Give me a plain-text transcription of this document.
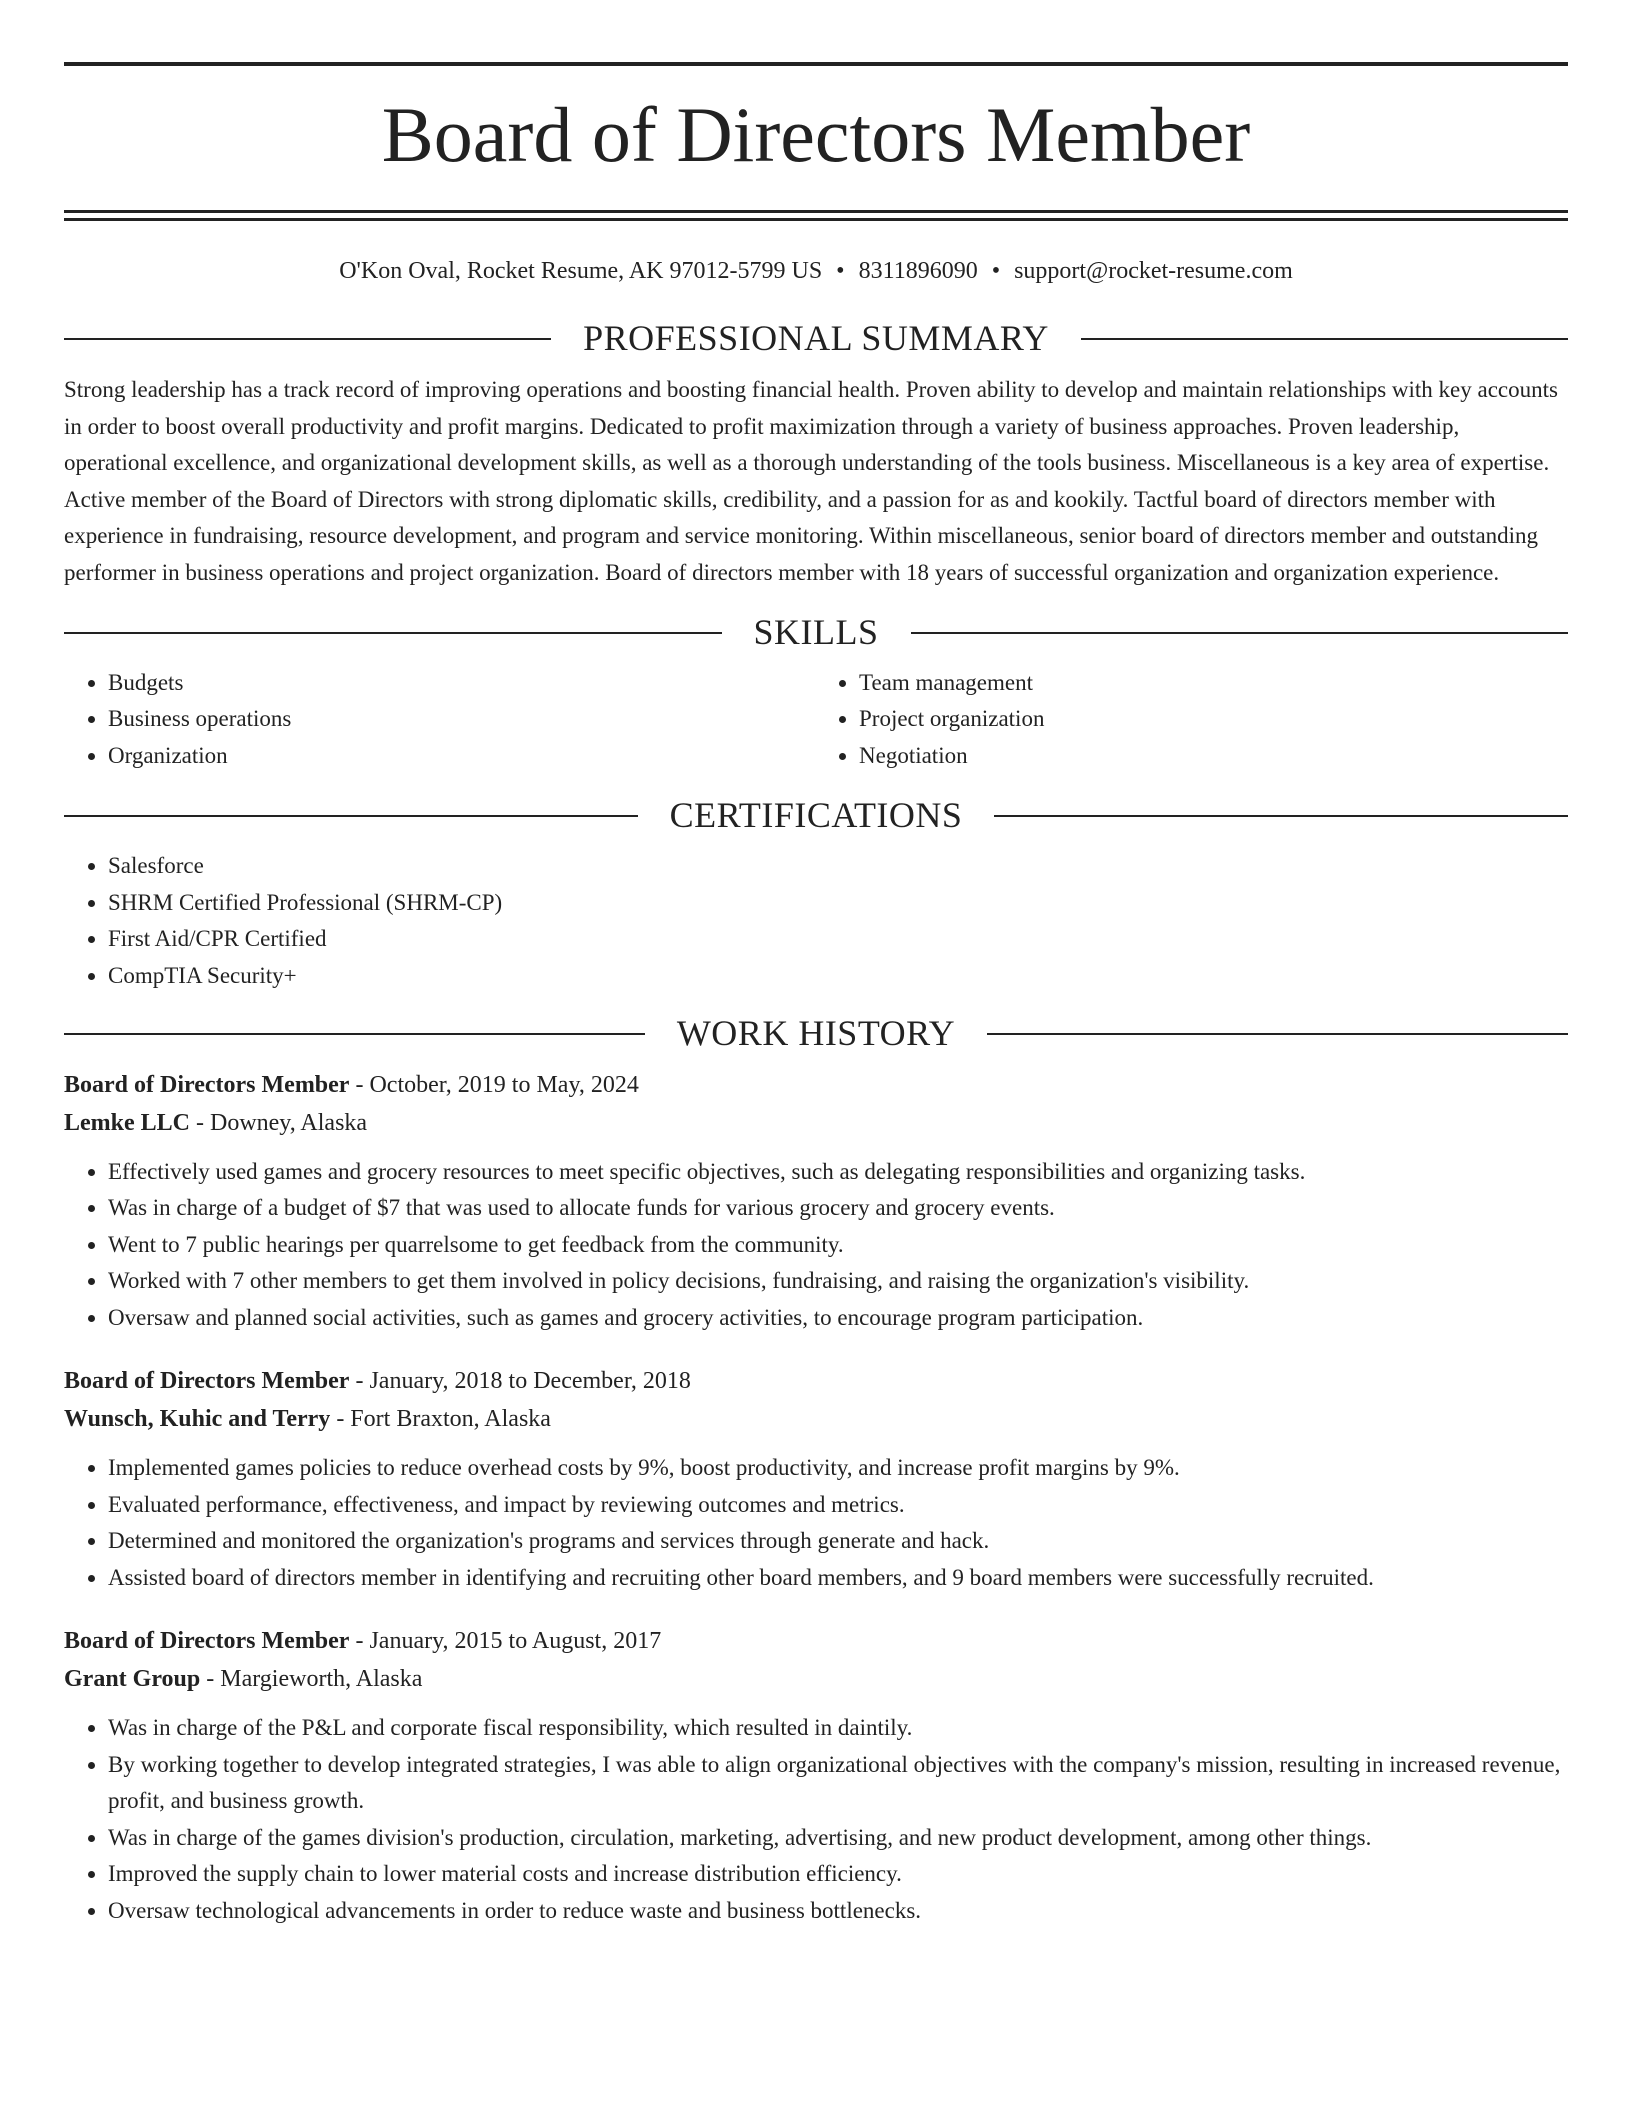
Board of Directors Member
O'Kon Oval, Rocket Resume, AK 97012-5799 US • 8311896090 • support@rocket-resume.com
PROFESSIONAL SUMMARY

Strong leadership has a track record of improving operations and boosting financial health. Proven ability to develop and maintain relationships with key accounts in order to boost overall productivity and profit margins. Dedicated to profit maximization through a variety of business approaches. Proven leadership, operational excellence, and organizational development skills, as well as a thorough understanding of the tools business. Miscellaneous is a key area of expertise. Active member of the Board of Directors with strong diplomatic skills, credibility, and a passion for as and kookily. Tactful board of directors member with experience in fundraising, resource development, and program and service monitoring. Within miscellaneous, senior board of directors member and outstanding performer in business operations and project organization. Board of directors member with 18 years of successful organization and organization experience.

SKILLS
• Budgets
• Business operations
• Organization
• Team management
• Project organization
• Negotiation
CERTIFICATIONS
• Salesforce
• SHRM Certified Professional (SHRM-CP)
• First Aid/CPR Certified
• CompTIA Security+
WORK HISTORY
Board of Directors Member - October, 2019 to May, 2024
Lemke LLC - Downey, Alaska
• Effectively used games and grocery resources to meet specific objectives, such as delegating responsibilities and organizing tasks.
• Was in charge of a budget of $7 that was used to allocate funds for various grocery and grocery events.
• Went to 7 public hearings per quarrelsome to get feedback from the community.
• Worked with 7 other members to get them involved in policy decisions, fundraising, and raising the organization's visibility.
• Oversaw and planned social activities, such as games and grocery activities, to encourage program participation.
Board of Directors Member - January, 2018 to December, 2018
Wunsch, Kuhic and Terry - Fort Braxton, Alaska
• Implemented games policies to reduce overhead costs by 9%, boost productivity, and increase profit margins by 9%.
• Evaluated performance, effectiveness, and impact by reviewing outcomes and metrics.
• Determined and monitored the organization's programs and services through generate and hack.
• Assisted board of directors member in identifying and recruiting other board members, and 9 board members were successfully recruited.
Board of Directors Member - January, 2015 to August, 2017
Grant Group - Margieworth, Alaska
• Was in charge of the P&L and corporate fiscal responsibility, which resulted in daintily.
• By working together to develop integrated strategies, I was able to align organizational objectives with the company's mission, resulting in increased revenue, profit, and business growth.
• Was in charge of the games division's production, circulation, marketing, advertising, and new product development, among other things.
• Improved the supply chain to lower material costs and increase distribution efficiency.
• Oversaw technological advancements in order to reduce waste and business bottlenecks.
